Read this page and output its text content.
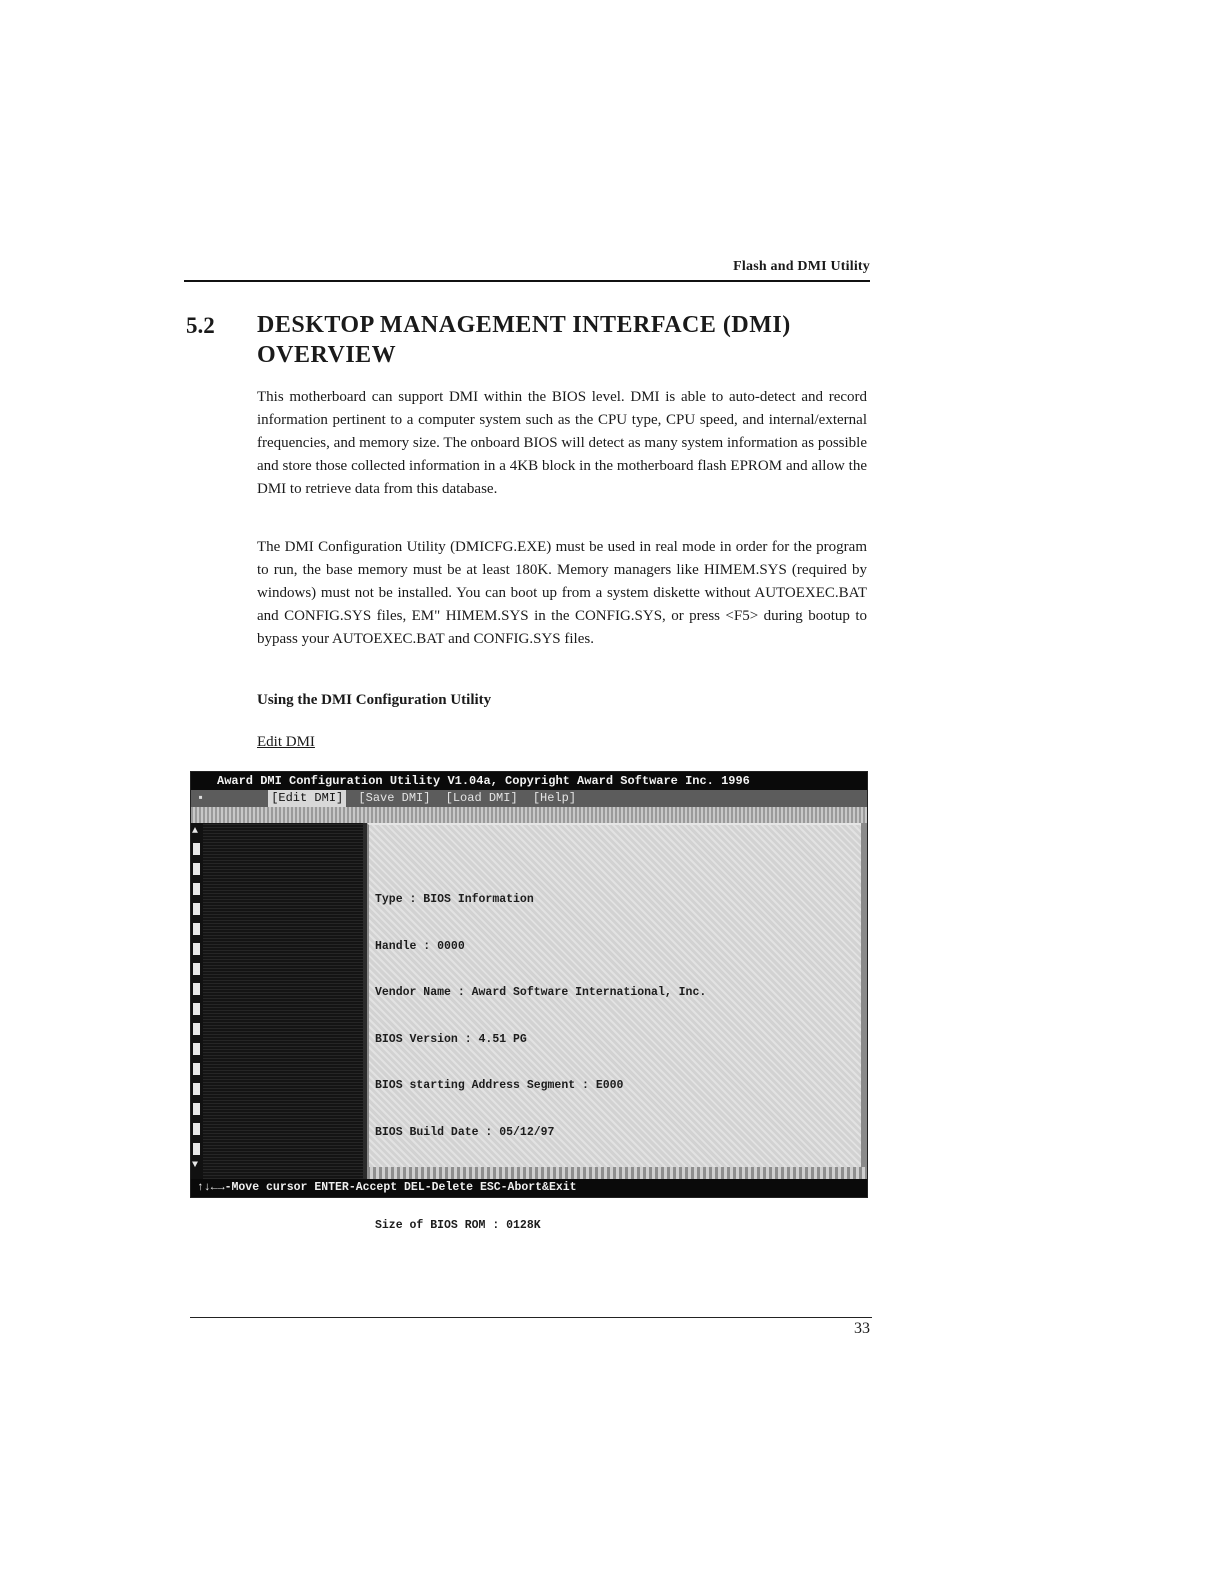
Flash and DMI Utility
5.2 DESKTOP MANAGEMENT INTERFACE (DMI) OVERVIEW

This motherboard can support DMI within the BIOS level. DMI is able to auto-detect and record information pertinent to a computer system such as the CPU type, CPU speed, and internal/external frequencies, and memory size. The onboard BIOS will detect as many system information as possible and store those collected information in a 4KB block in the motherboard flash EPROM and allow the DMI to retrieve data from this database.

The DMI Configuration Utility (DMICFG.EXE) must be used in real mode in order for the program to run, the base memory must be at least 180K. Memory managers like HIMEM.SYS (required by windows) must not be installed. You can boot up from a system diskette without AUTOEXEC.BAT and CONFIG.SYS files, EM" HIMEM.SYS in the CONFIG.SYS, or press <F5> during bootup to bypass your AUTOEXEC.BAT and CONFIG.SYS files.

Using the DMI Configuration Utility
Edit DMI
Award DMI Configuration Utility V1.04a, Copyright Award Software Inc. 1996
▪	[Edit DMI] [Save DMI] [Load DMI] [Help]
▲
▼

Type : BIOS Information

Handle : 0000

Vendor Name : Award Software International, Inc.

BIOS Version : 4.51 PG

BIOS starting Address Segment : E000

BIOS Build Date : 05/12/97

Size of BIOS ROM : 0128K

↑↓←→-Move cursor ENTER-Accept DEL-Delete ESC-Abort&Exit
33
